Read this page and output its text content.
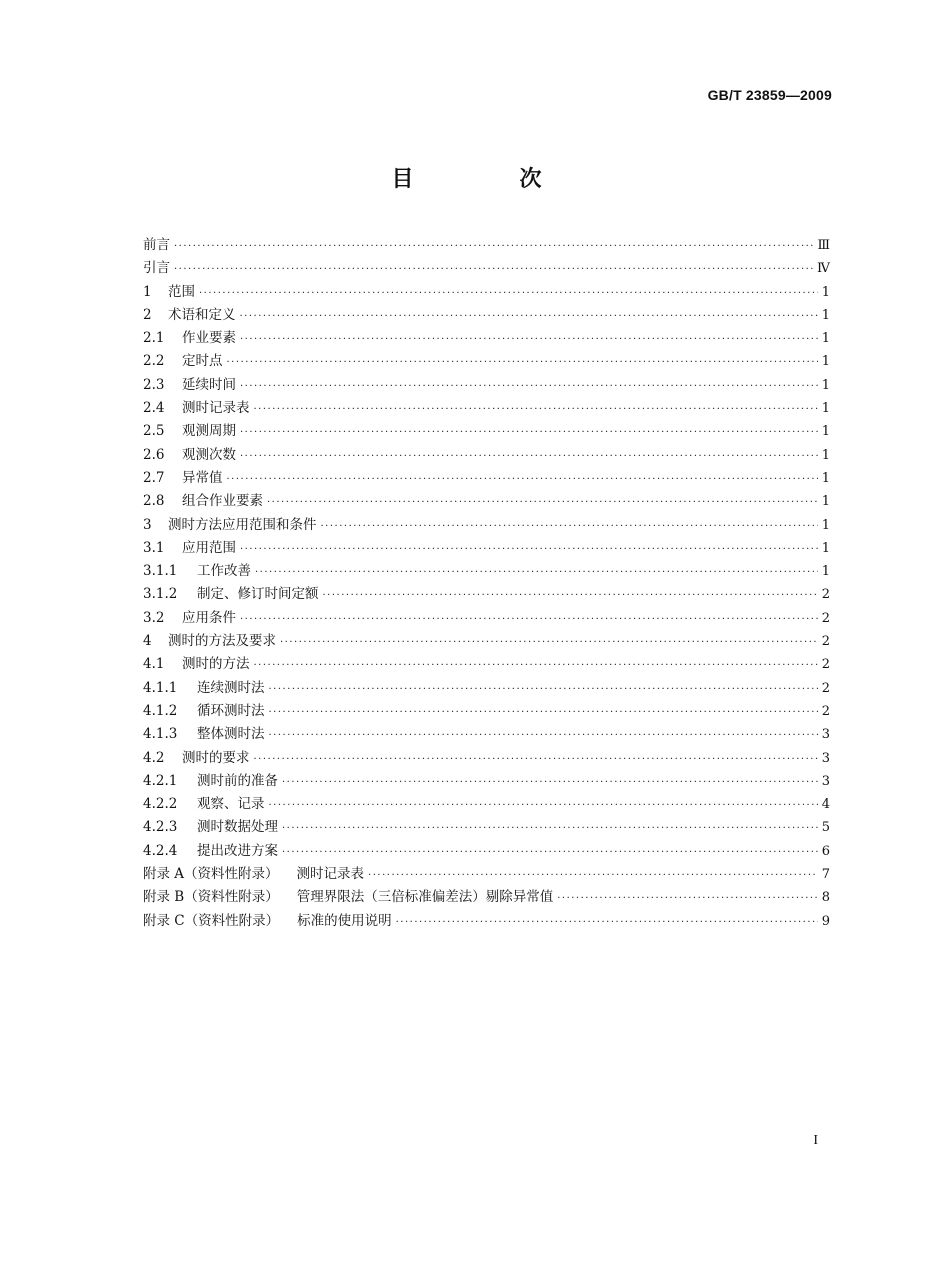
GB/T 23859—2009
目　次
前言 ·····	Ⅲ
引言 ·····	Ⅳ
1	范围 ·····	1
2	术语和定义 ·····	1
2.1	作业要素 ·····	1
2.2	定时点 ·····	1
2.3	延续时间 ·····	1
2.4	测时记录表 ·····	1
2.5	观测周期 ·····	1
2.6	观测次数 ·····	1
2.7	异常值 ·····	1
2.8	组合作业要素 ·····	1
3	测时方法应用范围和条件 ·····	1
3.1	应用范围 ·····	1
3.1.1	工作改善 ·····	1
3.1.2	制定、修订时间定额 ·····	2
3.2	应用条件 ·····	2
4	测时的方法及要求 ·····	2
4.1	测时的方法 ·····	2
4.1.1	连续测时法 ·····	2
4.1.2	循环测时法 ·····	2
4.1.3	整体测时法 ·····	3
4.2	测时的要求 ·····	3
4.2.1	测时前的准备 ·····	3
4.2.2	观察、记录 ·····	4
4.2.3	测时数据处理 ·····	5
4.2.4	提出改进方案 ·····	6
附录 A（资料性附录） 测时记录表 ·····	7
附录 B（资料性附录） 管理界限法（三倍标准偏差法）剔除异常值 ·····	8
附录 C（资料性附录） 标准的使用说明 ·····	9
I
